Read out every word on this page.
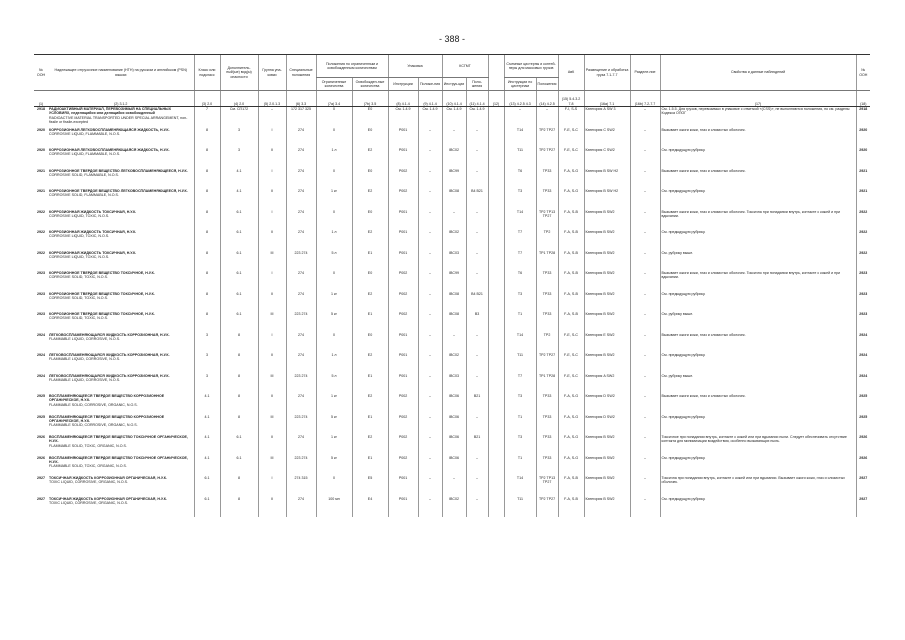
- 388 -
№ ООН	Надлежащее отгрузочное наименование (НТН) на русском и английском (PSN) языках	Класс или подкласс	Дополнитель-ный(ые) вид(ы) опасности	Группа упа-ковки	Специальные положения	Положения по ограниченным и освобожденным количествам		Упаковка		КСГМГ			Съемные цистерны и контей-неры для массовых грузов		АвК	Размещение и обработка груза 7.1-7.7	Разделе-ние	Свойства и данные наблюдений	№ ООН
						Ограниченные количества	Освобожден-ные количества	Инструкции	Положе-ния	Инструк-ции	Поло-жения		Инструкции по цистернам	Положения					
(1)	(2) 3.1.2	(3) 2.0	(4) 2.0	(5) 2.0.1.3	(6) 3.3	(7a) 3.4	(7b) 3.5	(8) 4.1.4	(9) 4.1.4	(10) 4.1.4	(11) 4.1.4	(12)	(13) 4.2.5 4.3	(14) 4.2.5	(15) 5.4.3.2 7.8	(16a) 7.1	(16b) 7.2-7.7	(17)	(18)
2918	РАДИОАКТИВНЫЙ МАТЕРИАЛ, ПЕРЕВОЗИМЫЙ НА СПЕЦИАЛЬНЫХ УСЛОВИЯХ, неделящийся или делящийся освобожденный
RADIOACTIVE MATERIAL TRANSPORTED UNDER SPECIAL ARRANGEMENT, non-fissile or fissile-excepted	7	См. СП172	–	172 317 325	0	E0	См. 1.4.9	См. 1.4.9	См. 1.4.9	См. 1.4.9		–	–	F-I, S-S	Категория А SW 3	–	См. 1.5.5. Для грузов, перевозимых в упаковке с отметкой «(CSS)», не выполняются положения, но см. разделы Кодекса ОПОГ	2918
2920	КОРРОЗИОННАЯ ЛЕГКОВОСПЛАМЕНЯЮЩАЯСЯ ЖИДКОСТЬ, Н.У.К.
CORROSIVE LIQUID, FLAMMABLE, N.O.S.	8	3	I	274	0	E0	P001	–	–	–		T14	TP2 TP27	F-E, S-C	Категория C SW2	–	Вызывает ожоги кожи, глаз и слизистых оболочек.	2920
2920	КОРРОЗИОННАЯ ЛЕГКОВОСПЛАМЕНЯЮЩАЯСЯ ЖИДКОСТЬ, Н.У.К.
CORROSIVE LIQUID, FLAMMABLE, N.O.S.	8	3	II	274	1 л	E2	P001	–	IBC02	–		T11	TP2 TP27	F-E, S-C	Категория C SW2	–	См. предыдущую рубрику.	2920
2921	КОРРОЗИОННОЕ ТВЕРДОЕ ВЕЩЕСТВО ЛЕГКОВОСПЛАМЕНЯЮЩЕЕСЯ, Н.У.К.
CORROSIVE SOLID, FLAMMABLE, N.O.S.	8	4.1	I	274	0	E0	P002	–	IBC99	–		T6	TP33	F-A, S-G	Категория B SW H2	–	Вызывает ожоги кожи, глаз и слизистых оболочек.	2921
2921	КОРРОЗИОННОЕ ТВЕРДОЕ ВЕЩЕСТВО ЛЕГКОВОСПЛАМЕНЯЮЩЕЕСЯ, Н.У.К.
CORROSIVE SOLID, FLAMMABLE, N.O.S.	8	4.1	II	274	1 кг	E2	P002	–	IBC08	B4 B21		T3	TP33	F-A, S-G	Категория B SW H2	–	См. предыдущую рубрику.	2921
2922	КОРРОЗИОННАЯ ЖИДКОСТЬ ТОКСИЧНАЯ, Н.У.К.
CORROSIVE LIQUID, TOXIC, N.O.S.	8	6.1	I	274	0	E0	P001	–	–	–		T14	TP2 TP13 TP27	F-A, S-B	Категория B SW2	–	Вызывает ожоги кожи, глаз и слизистых оболочек. Токсична при попадании внутрь, контакте с кожей и при вдыхании.	2922
2922	КОРРОЗИОННАЯ ЖИДКОСТЬ ТОКСИЧНАЯ, Н.У.К.
CORROSIVE LIQUID, TOXIC, N.O.S.	8	6.1	II	274	1 л	E2	P001	–	IBC02	–		T7	TP2	F-A, S-B	Категория B SW2	–	См. предыдущую рубрику.	2922
2922	КОРРОЗИОННАЯ ЖИДКОСТЬ ТОКСИЧНАЯ, Н.У.К.
CORROSIVE LIQUID, TOXIC, N.O.S.	8	6.1	III	223 274	5 л	E1	P001	–	IBC03	–		T7	TP1 TP28	F-A, S-B	Категория B SW2	–	См. рубрику выше.	2922
2923	КОРРОЗИОННОЕ ТВЕРДОЕ ВЕЩЕСТВО ТОКСИЧНОЕ, Н.У.К.
CORROSIVE SOLID, TOXIC, N.O.S.	8	6.1	I	274	0	E0	P002	–	IBC99	–		T6	TP33	F-A, S-B	Категория B SW2	–	Вызывает ожоги кожи, глаз и слизистых оболочек. Токсично при попадании внутрь, контакте с кожей и при вдыхании.	2923
2923	КОРРОЗИОННОЕ ТВЕРДОЕ ВЕЩЕСТВО ТОКСИЧНОЕ, Н.У.К.
CORROSIVE SOLID, TOXIC, N.O.S.	8	6.1	II	274	1 кг	E2	P002	–	IBC08	B4 B21		T3	TP33	F-A, S-B	Категория B SW2	–	См. предыдущую рубрику.	2923
2923	КОРРОЗИОННОЕ ТВЕРДОЕ ВЕЩЕСТВО ТОКСИЧНОЕ, Н.У.К.
CORROSIVE SOLID, TOXIC, N.O.S.	8	6.1	III	223 274	5 кг	E1	P002	–	IBC08	B3		T1	TP33	F-A, S-B	Категория B SW2	–	См. рубрику выше.	2923
2924	ЛЕГКОВОСПЛАМЕНЯЮЩАЯСЯ ЖИДКОСТЬ КОРРОЗИОННАЯ, Н.У.К.
FLAMMABLE LIQUID, CORROSIVE, N.O.S.	3	8	I	274	0	E0	P001	–	–	–		T14	TP2	F-E, S-C	Категория E SW2	–	Вызывает ожоги кожи, глаз и слизистых оболочек.	2924
2924	ЛЕГКОВОСПЛАМЕНЯЮЩАЯСЯ ЖИДКОСТЬ КОРРОЗИОННАЯ, Н.У.К.
FLAMMABLE LIQUID, CORROSIVE, N.O.S.	3	8	II	274	1 л	E2	P001	–	IBC02	–		T11	TP2 TP27	F-E, S-C	Категория B SW2	–	См. предыдущую рубрику.	2924
2924	ЛЕГКОВОСПЛАМЕНЯЮЩАЯСЯ ЖИДКОСТЬ КОРРОЗИОННАЯ, Н.У.К.
FLAMMABLE LIQUID, CORROSIVE, N.O.S.	3	8	III	223 274	5 л	E1	P001	–	IBC03	–		T7	TP1 TP28	F-E, S-C	Категория A SW2	–	См. рубрику выше.	2924
2925	ВОСПЛАМЕНЯЮЩЕЕСЯ ТВЕРДОЕ ВЕЩЕСТВО КОРРОЗИОННОЕ ОРГАНИЧЕСКОЕ, Н.У.К.
FLAMMABLE SOLID, CORROSIVE, ORGANIC, N.O.S.	4.1	8	II	274	1 кг	E2	P002	–	IBC06	B21		T3	TP33	F-A, S-G	Категория D SW2	–	Вызывает ожоги кожи, глаз и слизистых оболочек.	2925
2925	ВОСПЛАМЕНЯЮЩЕЕСЯ ТВЕРДОЕ ВЕЩЕСТВО КОРРОЗИОННОЕ ОРГАНИЧЕСКОЕ, Н.У.К.
FLAMMABLE SOLID, CORROSIVE, ORGANIC, N.O.S.	4.1	8	III	223 274	5 кг	E1	P002	–	IBC06	–		T1	TP33	F-A, S-G	Категория D SW2	–	См. предыдущую рубрику.	2925
2926	ВОСПЛАМЕНЯЮЩЕЕСЯ ТВЕРДОЕ ВЕЩЕСТВО ТОКСИЧНОЕ ОРГАНИЧЕСКОЕ, Н.У.К.
FLAMMABLE SOLID, TOXIC, ORGANIC, N.O.S.	4.1	6.1	II	274	1 кг	E2	P002	–	IBC06	B21		T3	TP33	F-A, S-G	Категория B SW2	–	Токсичное при попадании внутрь, контакте с кожей или при вдыхании пыли. Следует обеспечивать отсутствие контакта для минимизации воздействия, особенно вызывающих пыль.	2926
2926	ВОСПЛАМЕНЯЮЩЕЕСЯ ТВЕРДОЕ ВЕЩЕСТВО ТОКСИЧНОЕ ОРГАНИЧЕСКОЕ, Н.У.К.
FLAMMABLE SOLID, TOXIC, ORGANIC, N.O.S.	4.1	6.1	III	223 274	5 кг	E1	P002	–	IBC06	–		T1	TP33	F-A, S-G	Категория B SW2	–	См. предыдущую рубрику.	2926
2927	ТОКСИЧНАЯ ЖИДКОСТЬ КОРРОЗИОННАЯ ОРГАНИЧЕСКАЯ, Н.У.К.
TOXIC LIQUID, CORROSIVE, ORGANIC, N.O.S.	6.1	8	I	274 315	0	E5	P001	–	–	–		T14	TP2 TP13 TP27	F-A, S-B	Категория B SW2	–	Токсична при попадании внутрь, контакте с кожей или при вдыхании. Вызывает ожоги кожи, глаз и слизистых оболочек.	2927
2927	ТОКСИЧНАЯ ЖИДКОСТЬ КОРРОЗИОННАЯ ОРГАНИЧЕСКАЯ, Н.У.К.
TOXIC LIQUID, CORROSIVE, ORGANIC, N.O.S.	6.1	8	II	274	100 мл	E4	P001	–	IBC02	–		T11	TP2 TP27	F-A, S-B	Категория B SW2	–	См. предыдущую рубрику.	2927
